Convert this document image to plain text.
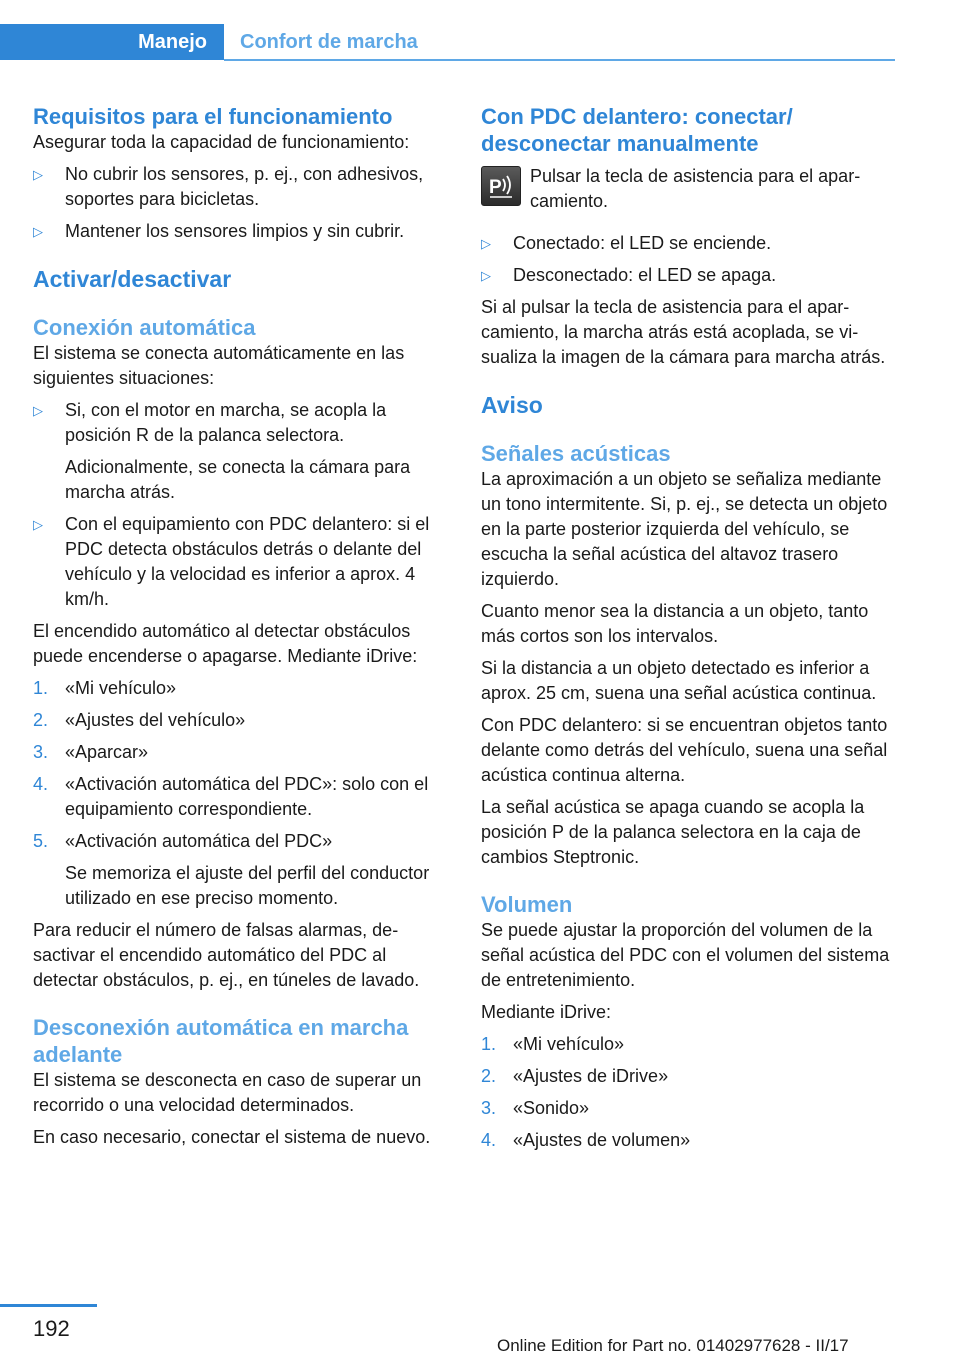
Manejo Confort de marcha
Requisitos para el funcionamiento

Asegurar toda la capacidad de funcionamiento:

▷ No cubrir los sensores, p. ej., con adhesivos, soportes para bicicletas.

▷ Mantener los sensores limpios y sin cubrir.

Activar/desactivar
Conexión automática

El sistema se conecta automáticamente en las siguientes situaciones:

▷ Si, con el motor en marcha, se acopla la posición R de la palanca selectora.

Adicionalmente, se conecta la cámara para marcha atrás.

▷ Con el equipamiento con PDC delantero: si el PDC detecta obstáculos detrás o delante del vehículo y la velocidad es inferior a aprox. 4 km/h.

El encendido automático al detectar obstáculos puede encenderse o apagarse. Mediante iDrive:

1. «Mi vehículo»

2. «Ajustes del vehículo»

3. «Aparcar»

4. «Activación automática del PDC»: solo con el equipamiento correspondiente.

5. «Activación automática del PDC»

Se memoriza el ajuste del perfil del conductor utilizado en ese preciso momento.

Para reducir el número de falsas alarmas, desactivar el encendido automático del PDC al detectar obstáculos, p. ej., en túneles de lavado.

Desconexión automática en marcha adelante

El sistema se desconecta en caso de superar un recorrido o una velocidad determinados.

En caso necesario, conectar el sistema de nuevo.

Con PDC delantero: conectar/ desconectar manualmente
P

Pulsar la tecla de asistencia para el aparcamiento.

▷ Conectado: el LED se enciende.

▷ Desconectado: el LED se apaga.

Si al pulsar la tecla de asistencia para el aparcamiento, la marcha atrás está acoplada, se visualiza la imagen de la cámara para marcha atrás.

Aviso
Señales acústicas

La aproximación a un objeto se señaliza mediante un tono intermitente. Si, p. ej., se detecta un objeto en la parte posterior izquierda del vehículo, se escucha la señal acústica del altavoz trasero izquierdo.

Cuanto menor sea la distancia a un objeto, tanto más cortos son los intervalos.

Si la distancia a un objeto detectado es inferior a aprox. 25 cm, suena una señal acústica continua.

Con PDC delantero: si se encuentran objetos tanto delante como detrás del vehículo, suena una señal acústica continua alterna.

La señal acústica se apaga cuando se acopla la posición P de la palanca selectora en la caja de cambios Steptronic.

Volumen

Se puede ajustar la proporción del volumen de la señal acústica del PDC con el volumen del sistema de entretenimiento.

Mediante iDrive:

1. «Mi vehículo»

2. «Ajustes de iDrive»

3. «Sonido»

4. «Ajustes de volumen»

192
Online Edition for Part no. 01402977628 - II/17
